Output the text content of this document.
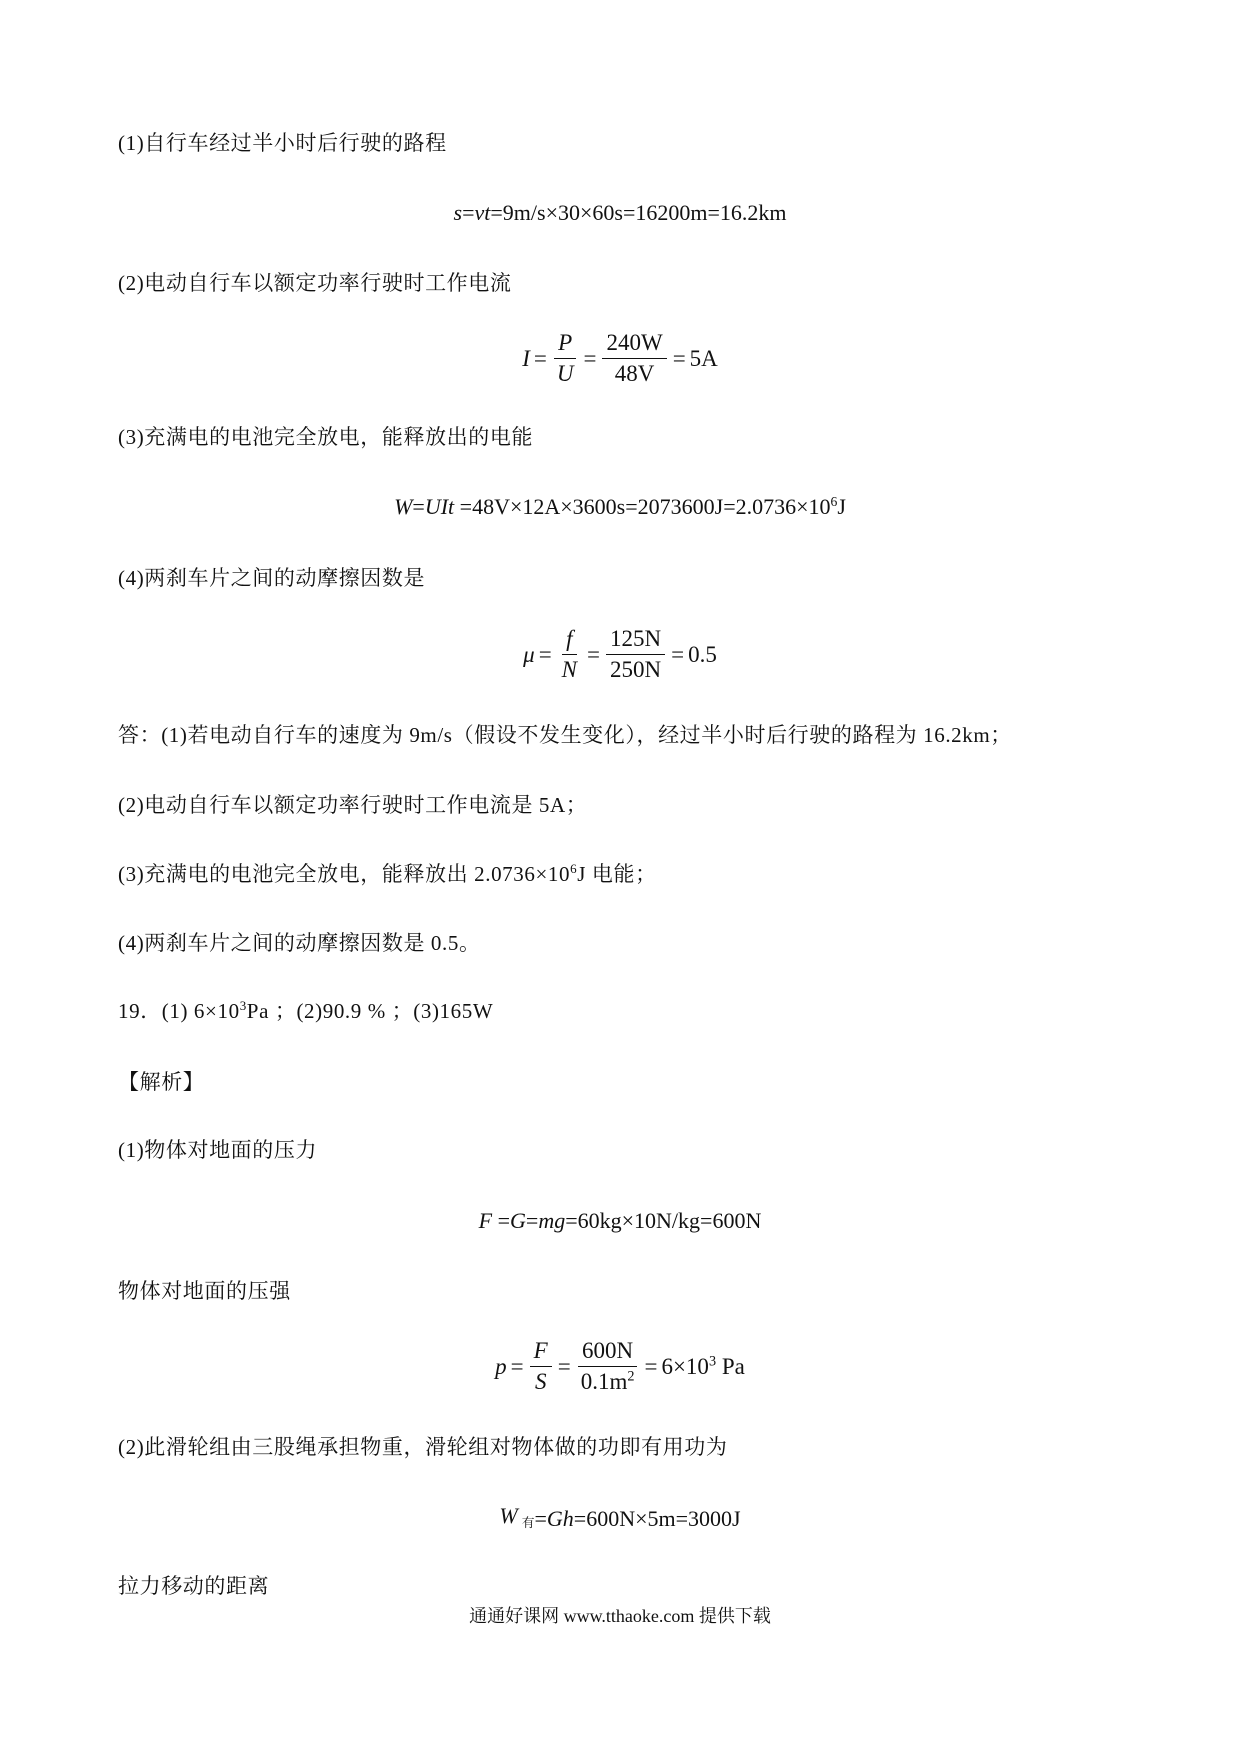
(1)自行车经过半小时后行驶的路程

s = vt =9m/s×30×60s=16200m=16.2km

(2)电动自行车以额定功率行驶时工作电流

$I = \frac{P}{U} = \frac{240W}{48V} = 5A$

(3)充满电的电池完全放电，能释放出的电能

W = UIt $=48V\times 12A\times 3600s=2073600J=2.0736\times 10^6J$

(4)两刹车片之间的动摩擦因数是

$\mu = \frac{f}{N} = \frac{125N}{250N} = 0.5$

答：(1)若电动自行车的速度为 9m/s（假设不发生变化），经过半小时后行驶的路程为 16.2km；

(2)电动自行车以额定功率行驶时工作电流是 5A；

(3)充满电的电池完全放电，能释放出 $2.0736\times 10^6J$ 电能；

(4)两刹车片之间的动摩擦因数是 0.5。

19．(1) $6\times 10^3Pa$ ；(2)90.9 % ；(3)165W

【解析】

(1)物体对地面的压力

F = G = mg =60kg×10N/kg=600N

物体对地面的压强

$p = \frac{F}{S} = \frac{600N}{0.1m^2} = 6\times 10^3$ Pa

(2)此滑轮组由三股绳承担物重，滑轮组对物体做的功即有用功为

W $_有$ = Gh =600N×5m=3000J

拉力移动的距离

通通好课网 www.tthaoke.com 提供下载
